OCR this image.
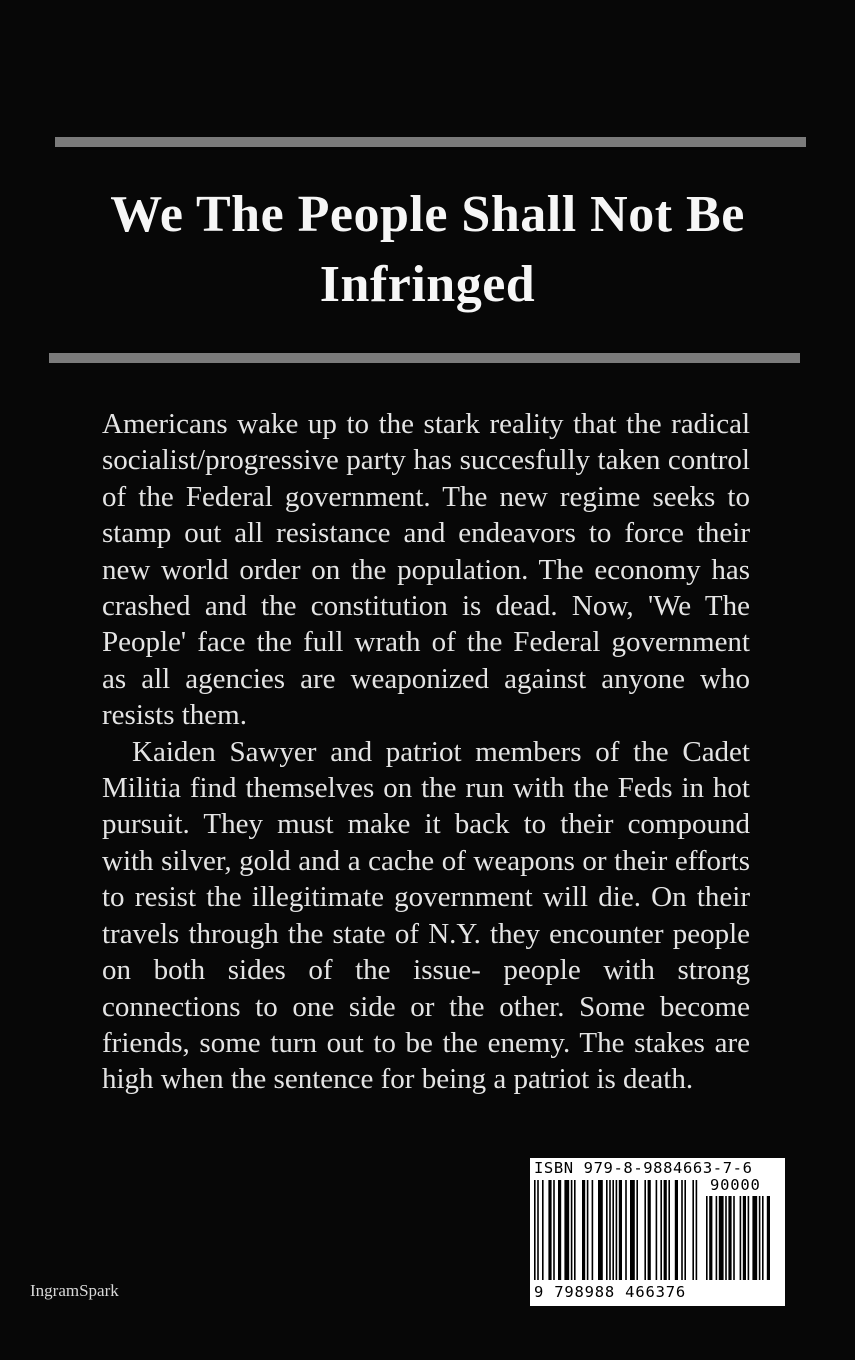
We The People Shall Not Be Infringed

Americans wake up to the stark reality that the radical socialist/progressive party has succesfully taken control of the Federal government. The new regime seeks to stamp out all resistance and endeavors to force their new world order on the population. The economy has crashed and the constitution is dead. Now, 'We The People' face the full wrath of the Federal government as all agencies are weaponized against anyone who resists them.

Kaiden Sawyer and patriot members of the Cadet Militia find themselves on the run with the Feds in hot pursuit. They must make it back to their compound with silver, gold and a cache of weapons or their efforts to resist the illegitimate government will die. On their travels through the state of N.Y. they encounter people on both sides of the issue- people with strong connections to one side or the other. Some become friends, some turn out to be the enemy. The stakes are high when the sentence for being a patriot is death.

IngramSpark
ISBN 979-8-9884663-7-6
90000
9 798988 466376
